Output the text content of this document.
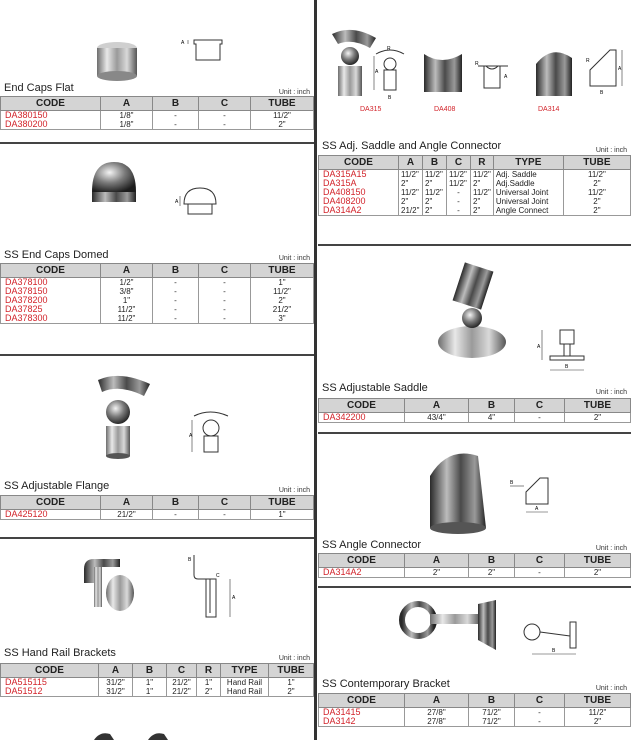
A
End Caps Flat	Unit : inch
CODE	A	B	C	TUBE
DA380150	1/8"	-	-	11/2"
DA380200	1/8"	-	-	2"
A
SS End Caps Domed	Unit : inch
CODE	A	B	C	TUBE
DA378100	1/2"	-	-	1"
DA378150	3/8"	-	-	11/2"
DA378200	1"	-	-	2"
DA37825	11/2"	-	-	21/2"
DA378300	11/2"	-	-	3"
A
SS Adjustable Flange	Unit : inch
CODE	A	B	C	TUBE
DA425120	21/2"	-	-	1"
A
B
C
SS Hand Rail Brackets	Unit : inch
CODE	A	B	C	R	TYPE	TUBE
DA515115	31/2"	1"	21/2"	1"	Hand Rail	1"
DA51512	31/2"	1"	21/2"	2"	Hand Rail	2"
R
A
B
R
A
R
A
B
DA315	DA408	DA314
SS Adj. Saddle and Angle Connector	Unit : inch
CODE	A	B	C	R	TYPE	TUBE
DA315A15	11/2"	11/2"	11/2"	11/2"	Adj. Saddle	11/2"
DA315A	2"	2"	11/2"	2"	Adj.Saddle	2"
DA408150	11/2"	11/2"	-	11/2"	Universal Joint	11/2"
DA408200	2"	2"	-	2"	Universal Joint	2"
DA314A2	21/2"	2"	-	2"	Angle Connect	2"
A
B
SS Adjustable Saddle	Unit : inch
CODE	A	B	C	TUBE
DA342200	43/4"	4"	-	2"
B
A
SS Angle Connector	Unit : inch
CODE	A	B	C	TUBE
DA314A2	2"	2"	-	2"
B
SS Contemporary Bracket	Unit : inch
CODE	A	B	C	TUBE
DA31415	27/8"	71/2"	-	11/2"
DA3142	27/8"	71/2"	-	2"
